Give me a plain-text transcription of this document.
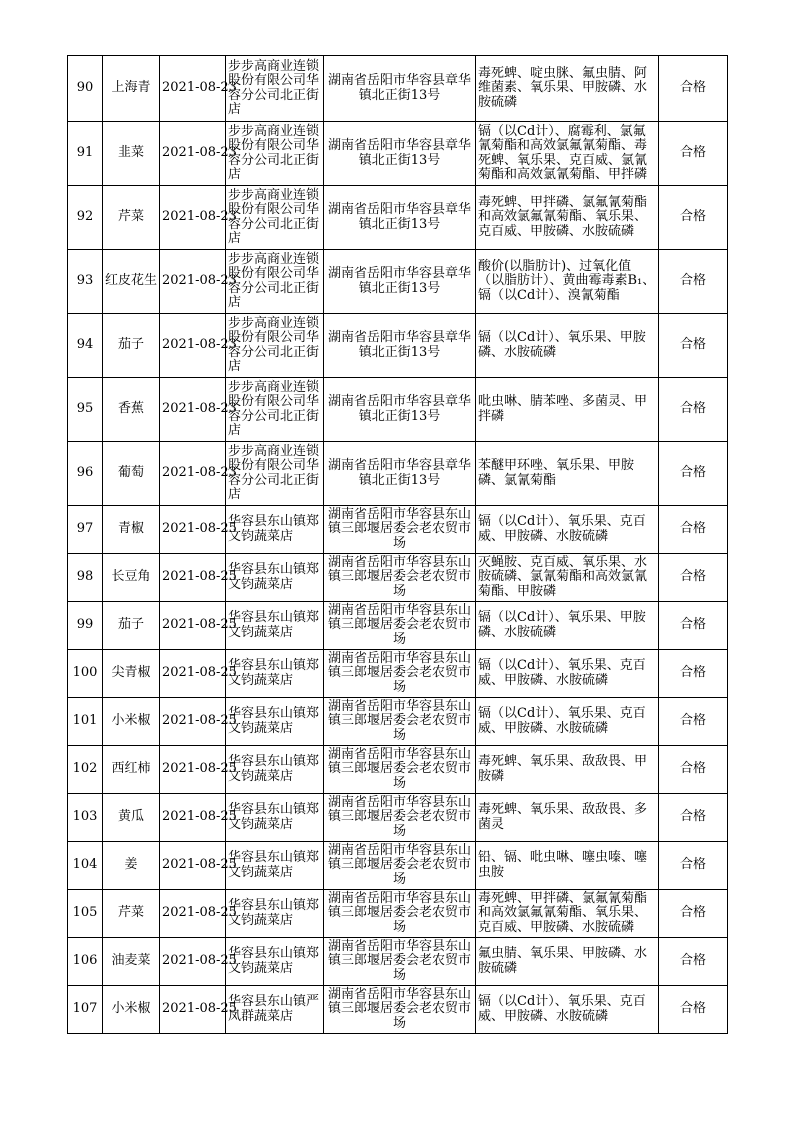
90	上海青	2021-08-23	步步高商业连锁股份有限公司华容分公司北正街店	湖南省岳阳市华容县章华镇北正街13号	毒死蜱、啶虫脒、氟虫腈、阿维菌素、氧乐果、甲胺磷、水胺硫磷	合格
91	韭菜	2021-08-23	步步高商业连锁股份有限公司华容分公司北正街店	湖南省岳阳市华容县章华镇北正街13号	镉（以Cd计）、腐霉利、氯氟氰菊酯和高效氯氟氰菊酯、毒死蜱、氧乐果、克百威、氯氰菊酯和高效氯氰菊酯、甲拌磷	合格
92	芹菜	2021-08-23	步步高商业连锁股份有限公司华容分公司北正街店	湖南省岳阳市华容县章华镇北正街13号	毒死蜱、甲拌磷、氯氟氰菊酯和高效氯氟氰菊酯、氧乐果、克百威、甲胺磷、水胺硫磷	合格
93	红皮花生	2021-08-23	步步高商业连锁股份有限公司华容分公司北正街店	湖南省岳阳市华容县章华镇北正街13号	酸价(以脂肪计)、过氧化值（以脂肪计）、黄曲霉毒素B₁、镉（以Cd计）、溴氰菊酯	合格
94	茄子	2021-08-23	步步高商业连锁股份有限公司华容分公司北正街店	湖南省岳阳市华容县章华镇北正街13号	镉（以Cd计）、氧乐果、甲胺磷、水胺硫磷	合格
95	香蕉	2021-08-23	步步高商业连锁股份有限公司华容分公司北正街店	湖南省岳阳市华容县章华镇北正街13号	吡虫啉、腈苯唑、多菌灵、甲拌磷	合格
96	葡萄	2021-08-23	步步高商业连锁股份有限公司华容分公司北正街店	湖南省岳阳市华容县章华镇北正街13号	苯醚甲环唑、氧乐果、甲胺磷、氯氰菊酯	合格
97	青椒	2021-08-25	华容县东山镇郑文钧蔬菜店	湖南省岳阳市华容县东山镇三郎堰居委会老农贸市场	镉（以Cd计）、氧乐果、克百威、甲胺磷、水胺硫磷	合格
98	长豆角	2021-08-25	华容县东山镇郑文钧蔬菜店	湖南省岳阳市华容县东山镇三郎堰居委会老农贸市场	灭蝇胺、克百威、氧乐果、水胺硫磷、氯氰菊酯和高效氯氰菊酯、甲胺磷	合格
99	茄子	2021-08-25	华容县东山镇郑文钧蔬菜店	湖南省岳阳市华容县东山镇三郎堰居委会老农贸市场	镉（以Cd计）、氧乐果、甲胺磷、水胺硫磷	合格
100	尖青椒	2021-08-25	华容县东山镇郑文钧蔬菜店	湖南省岳阳市华容县东山镇三郎堰居委会老农贸市场	镉（以Cd计）、氧乐果、克百威、甲胺磷、水胺硫磷	合格
101	小米椒	2021-08-25	华容县东山镇郑文钧蔬菜店	湖南省岳阳市华容县东山镇三郎堰居委会老农贸市场	镉（以Cd计）、氧乐果、克百威、甲胺磷、水胺硫磷	合格
102	西红柿	2021-08-25	华容县东山镇郑文钧蔬菜店	湖南省岳阳市华容县东山镇三郎堰居委会老农贸市场	毒死蜱、氧乐果、敌敌畏、甲胺磷	合格
103	黄瓜	2021-08-25	华容县东山镇郑文钧蔬菜店	湖南省岳阳市华容县东山镇三郎堰居委会老农贸市场	毒死蜱、氧乐果、敌敌畏、多菌灵	合格
104	姜	2021-08-25	华容县东山镇郑文钧蔬菜店	湖南省岳阳市华容县东山镇三郎堰居委会老农贸市场	铅、镉、吡虫啉、噻虫嗪、噻虫胺	合格
105	芹菜	2021-08-25	华容县东山镇郑文钧蔬菜店	湖南省岳阳市华容县东山镇三郎堰居委会老农贸市场	毒死蜱、甲拌磷、氯氟氰菊酯和高效氯氟氰菊酯、氧乐果、克百威、甲胺磷、水胺硫磷	合格
106	油麦菜	2021-08-25	华容县东山镇郑文钧蔬菜店	湖南省岳阳市华容县东山镇三郎堰居委会老农贸市场	氟虫腈、氧乐果、甲胺磷、水胺硫磷	合格
107	小米椒	2021-08-25	华容县东山镇严凤群蔬菜店	湖南省岳阳市华容县东山镇三郎堰居委会老农贸市场	镉（以Cd计）、氧乐果、克百威、甲胺磷、水胺硫磷	合格
